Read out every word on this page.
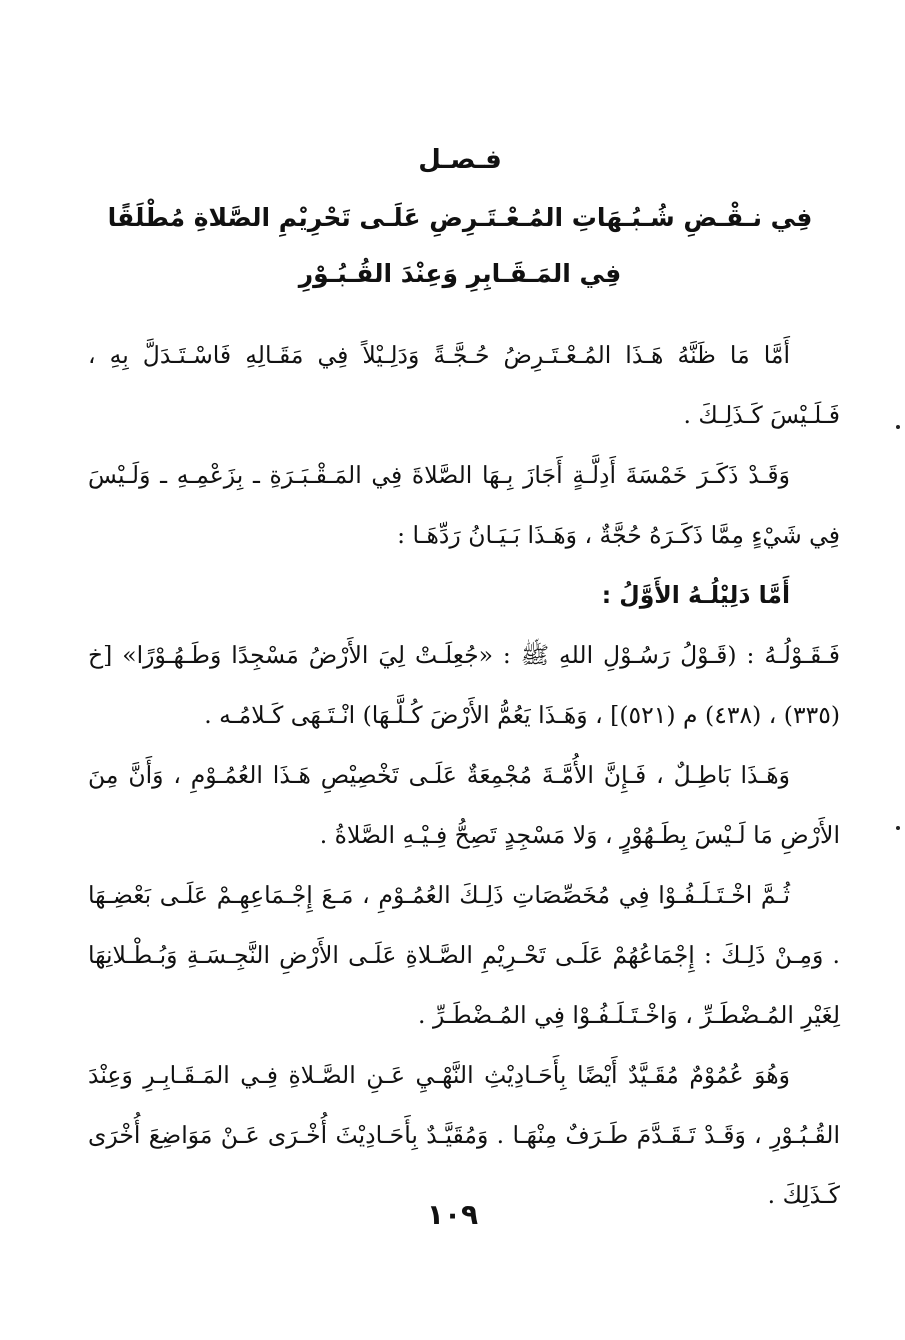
فـصـل
فِي نـقْـضِ شُـبُـهَاتِ المُـعْـتَـرِضِ عَلَـى تَحْرِيْمِ الصَّلاةِ مُطْلَقًا فِي المَـقَـابِرِ وَعِنْدَ القُـبُـوْرِ

أَمَّا مَا ظَنَّهُ هَـذَا المُـعْـتَـرِضُ حُـجَّـةً وَدَلِـيْلاً فِي مَقَـالِهِ فَاسْـتَـدَلَّ بِهِ ، فَـلَـيْسَ كَـذَلِـكَ .

وَقَـدْ ذَكَـرَ خَمْسَةَ أَدِلَّـةٍ أَجَازَ بِـهَا الصَّلاةَ فِي المَـقْـبَـرَةِ ـ بِزَعْمِـهِ ـ وَلَـيْسَ فِي شَيْءٍ مِمَّا ذَكَـرَهُ حُجَّةٌ ، وَهَـذَا بَـيَـانُ رَدِّهَـا :

أَمَّا دَلِيْلُـهُ الأَوَّلُ :

فَـقَـوْلُـهُ : (قَـوْلُ رَسُـوْلِ اللهِ ﷺ : «جُعِلَـتْ لِيَ الأَرْضُ مَسْجِدًا وَطَـهُـوْرًا» [خ (٣٣٥) ، (٤٣٨) م (٥٢١)] ، وَهَـذَا يَعُمُّ الأَرْضَ كُـلَّـهَا) انْـتَـهَى كَـلامُـه .

وَهَـذَا بَاطِـلٌ ، فَـإِنَّ الأُمَّـةَ مُجْمِعَةٌ عَلَـى تَخْصِيْصِ هَـذَا العُمُـوْمِ ، وَأَنَّ مِنَ الأَرْضِ مَا لَـيْسَ بِطَـهُوْرٍ ، وَلا مَسْجِدٍ تَصِحُّ فِـيْـهِ الصَّلاةُ .

ثُـمَّ اخْـتَـلَـفُـوْا فِي مُخَصِّصَاتِ ذَلِـكَ العُمُـوْمِ ، مَـعَ إِجْـمَاعِهِـمْ عَلَـى بَعْضِـهَا . وَمِـنْ ذَلِـكَ : إِجْمَاعُهُمْ عَلَـى تَحْـرِيْمِ الصَّـلاةِ عَلَـى الأَرْضِ النَّجِـسَـةِ وَبُـطْـلانِهَا لِغَيْرِ المُـضْطَـرِّ ، وَاخْـتَـلَـفُـوْا فِي المُـضْطَـرِّ .

وَهُوَ عُمُوْمٌ مُقَـيَّدٌ أَيْضًا بِأَحَـادِيْثِ النَّهْـيِ عَـنِ الصَّـلاةِ فِـي المَـقَـابِـرِ وَعِنْدَ القُـبُـوْرِ ، وَقَـدْ تَـقَـدَّمَ طَـرَفٌ مِنْهَـا . وَمُقَيَّـدٌ بِأَحَـادِيْثَ أُخْـرَى عَـنْ مَوَاضِعَ أُخْرَى كَـذَلِكَ .

١٠٩
